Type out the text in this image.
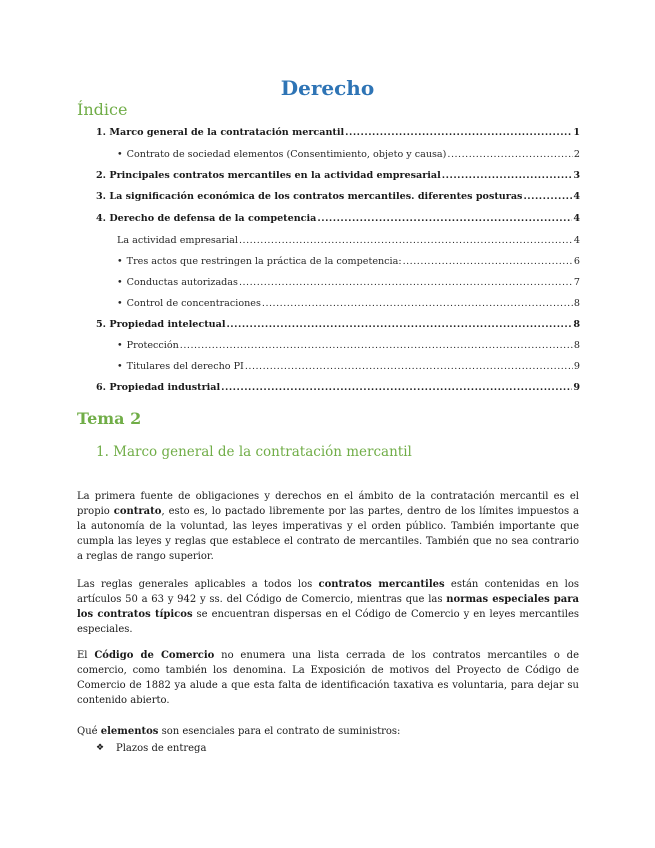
Derecho
Índice
1. Marco general de la contratación mercantil .....	1
• Contrato de sociedad elementos (Consentimiento, objeto y causa) .....	2
2. Principales contratos mercantiles en la actividad empresarial .....	3
3. La significación económica de los contratos mercantiles. diferentes posturas .....	4
4. Derecho de defensa de la competencia .....	4
La actividad empresarial .....	4
• Tres actos que restringen la práctica de la competencia: .....	6
• Conductas autorizadas .....	7
• Control de concentraciones .....	8
5. Propiedad intelectual .....	8
• Protección .....	8
• Titulares del derecho PI .....	9
6. Propiedad industrial .....	9
Tema 2
1. Marco general de la contratación mercantil

La primera fuente de obligaciones y derechos en el ámbito de la contratación mercantil es el propio contrato, esto es, lo pactado libremente por las partes, dentro de los límites impuestos a la autonomía de la voluntad, las leyes imperativas y el orden público. También importante que cumpla las leyes y reglas que establece el contrato de mercantiles. También que no sea contrario a reglas de rango superior.

Las reglas generales aplicables a todos los contratos mercantiles están contenidas en los artículos 50 a 63 y 942 y ss. del Código de Comercio, mientras que las normas especiales para los contratos típicos se encuentran dispersas en el Código de Comercio y en leyes mercantiles especiales.

El Código de Comercio no enumera una lista cerrada de los contratos mercantiles o de comercio, como también los denomina. La Exposición de motivos del Proyecto de Código de Comercio de 1882 ya alude a que esta falta de identificación taxativa es voluntaria, para dejar su contenido abierto.

Qué elementos son esenciales para el contrato de suministros:

❖ Plazos de entrega
